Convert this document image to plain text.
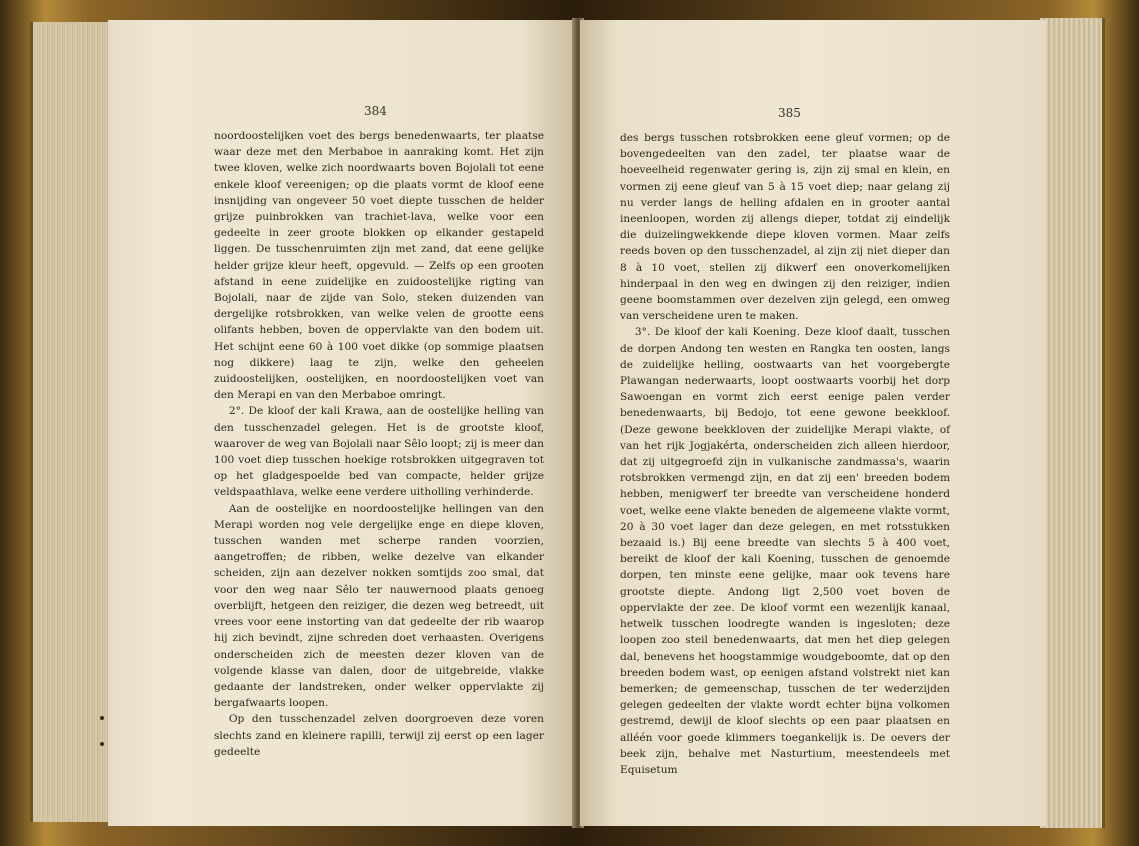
384

noordoostelijken voet des bergs benedenwaarts, ter plaatse waar deze met den Merbaboe in aanraking komt. Het zijn twee kloven, welke zich noordwaarts boven Bojolali tot eene enkele kloof vereenigen; op die plaats vormt de kloof eene insnijding van ongeveer 50 voet diepte tusschen de helder grijze puinbrokken van trachiet-lava, welke voor een gedeelte in zeer groote blokken op elkander gestapeld liggen. De tusschenruimten zijn met zand, dat eene gelijke helder grijze kleur heeft, opgevuld. — Zelfs op een grooten afstand in eene zuidelijke en zuidoostelijke rigting van Bojolali, naar de zijde van Solo, steken duizenden van dergelijke rotsbrokken, van welke velen de grootte eens olifants hebben, boven de oppervlakte van den bodem uit. Het schijnt eene 60 à 100 voet dikke (op sommige plaatsen nog dikkere) laag te zijn, welke den geheelen zuidoostelijken, oostelijken, en noordoostelijken voet van den Merapi en van den Merbaboe omringt.

2°. De kloof der kali Krawa, aan de oostelijke helling van den tusschenzadel gelegen. Het is de grootste kloof, waarover de weg van Bojolali naar Sêlo loopt; zij is meer dan 100 voet diep tusschen hoekige rotsbrokken uitgegraven tot op het gladgespoelde bed van compacte, helder grijze veldspaathlava, welke eene verdere uitholling verhinderde.

Aan de oostelijke en noordoostelijke hellingen van den Merapi worden nog vele dergelijke enge en diepe kloven, tusschen wanden met scherpe randen voorzien, aangetroffen; de ribben, welke dezelve van elkander scheiden, zijn aan dezelver nokken somtijds zoo smal, dat voor den weg naar Sêlo ter nauwernood plaats genoeg overblijft, hetgeen den reiziger, die dezen weg betreedt, uit vrees voor eene instorting van dat gedeelte der rib waarop hij zich bevindt, zijne schreden doet verhaasten. Overigens onderscheiden zich de meesten dezer kloven van de volgende klasse van dalen, door de uitgebreide, vlakke gedaante der landstreken, onder welker oppervlakte zij bergafwaarts loopen.

Op den tusschenzadel zelven doorgroeven deze voren slechts zand en kleinere rapilli, terwijl zij eerst op een lager gedeelte

385

des bergs tusschen rotsbrokken eene gleuf vormen; op de bovengedeelten van den zadel, ter plaatse waar de hoeveelheid regenwater gering is, zijn zij smal en klein, en vormen zij eene gleuf van 5 à 15 voet diep; naar gelang zij nu verder langs de helling afdalen en in grooter aantal ineenloopen, worden zij allengs dieper, totdat zij eindelijk die duizelingwekkende diepe kloven vormen. Maar zelfs reeds boven op den tusschenzadel, al zijn zij niet dieper dan 8 à 10 voet, stellen zij dikwerf een onoverkomelijken hinderpaal in den weg en dwingen zij den reiziger, indien geene boomstammen over dezelven zijn gelegd, een omweg van verscheidene uren te maken.

3°. De kloof der kali Koening. Deze kloof daalt, tusschen de dorpen Andong ten westen en Rangka ten oosten, langs de zuidelijke helling, oostwaarts van het voorgebergte Plawangan nederwaarts, loopt oostwaarts voorbij het dorp Sawoengan en vormt zich eerst eenige palen verder benedenwaarts, bij Bedojo, tot eene gewone beekkloof. (Deze gewone beekkloven der zuidelijke Merapi vlakte, of van het rijk Jogjakérta, onderscheiden zich alleen hierdoor, dat zij uitgegroefd zijn in vulkanische zandmassa's, waarin rotsbrokken vermengd zijn, en dat zij een' breeden bodem hebben, menigwerf ter breedte van verscheidene honderd voet, welke eene vlakte beneden de algemeene vlakte vormt, 20 à 30 voet lager dan deze gelegen, en met rotsstukken bezaaid is.) Bij eene breedte van slechts 5 à 400 voet, bereikt de kloof der kali Koening, tusschen de genoemde dorpen, ten minste eene gelijke, maar ook tevens hare grootste diepte. Andong ligt 2,500 voet boven de oppervlakte der zee. De kloof vormt een wezenlijk kanaal, hetwelk tusschen loodregte wanden is ingesloten; deze loopen zoo steil benedenwaarts, dat men het diep gelegen dal, benevens het hoogstammige woudgeboomte, dat op den breeden bodem wast, op eenigen afstand volstrekt niet kan bemerken; de gemeenschap, tusschen de ter wederzijden gelegen gedeelten der vlakte wordt echter bijna volkomen gestremd, dewijl de kloof slechts op een paar plaatsen en alléén voor goede klimmers toegankelijk is. De oevers der beek zijn, behalve met Nasturtium, meestendeels met Equisetum
